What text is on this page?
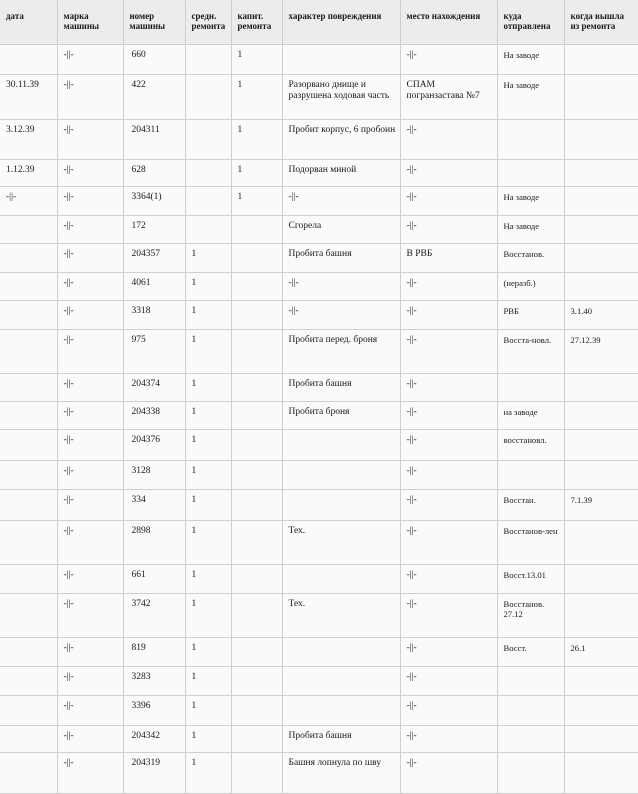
дата	марка машины	номер машины	средн. ремонта	капит. ремонта	характер повреждения	место нахождения	куда отправлена	когда вышла из ремонта
	-||-	660		1		-||-	На заводе	
30.11.39	-||-	422		1	Разорвано днище и разрушена ходовая часть	СПАМ погранзастава №7	На заводе	
3.12.39	-||-	204311		1	Пробит корпус, 6 пробоин	-||-		
1.12.39	-||-	628		1	Подорван миной	-||-		
-||-	-||-	3364(1)		1	-||-	-||-	На заводе	
	-||-	172			Сгорела	-||-	На заводе	
	-||-	204357	1		Пробита башня	В РВБ	Восстанов.	
	-||-	4061	1		-||-	-||-	(неразб.)	
	-||-	3318	1		-||-	-||-	РВБ	3.1.40
	-||-	975	1		Пробита перед. броня	-||-	Восста-новл.	27.12.39
	-||-	204374	1		Пробита башня	-||-		
	-||-	204338	1		Пробита броня	-||-	на заводе	
	-||-	204376	1			-||-	восстановл.	
	-||-	3128	1			-||-		
	-||-	334	1			-||-	Восстан.	7.1.39
	-||-	2898	1		Тех.	-||-	Восстанов-лен	
	-||-	661	1			-||-	Восст.13.01	
	-||-	3742	1		Тех.	-||-	Восстанов. 27.12	
	-||-	819	1			-||-	Восст.	26.1
	-||-	3283	1			-||-		
	-||-	3396	1			-||-		
	-||-	204342	1		Пробита башня	-||-		
	-||-	204319	1		Башня лопнула по шву	-||-		
